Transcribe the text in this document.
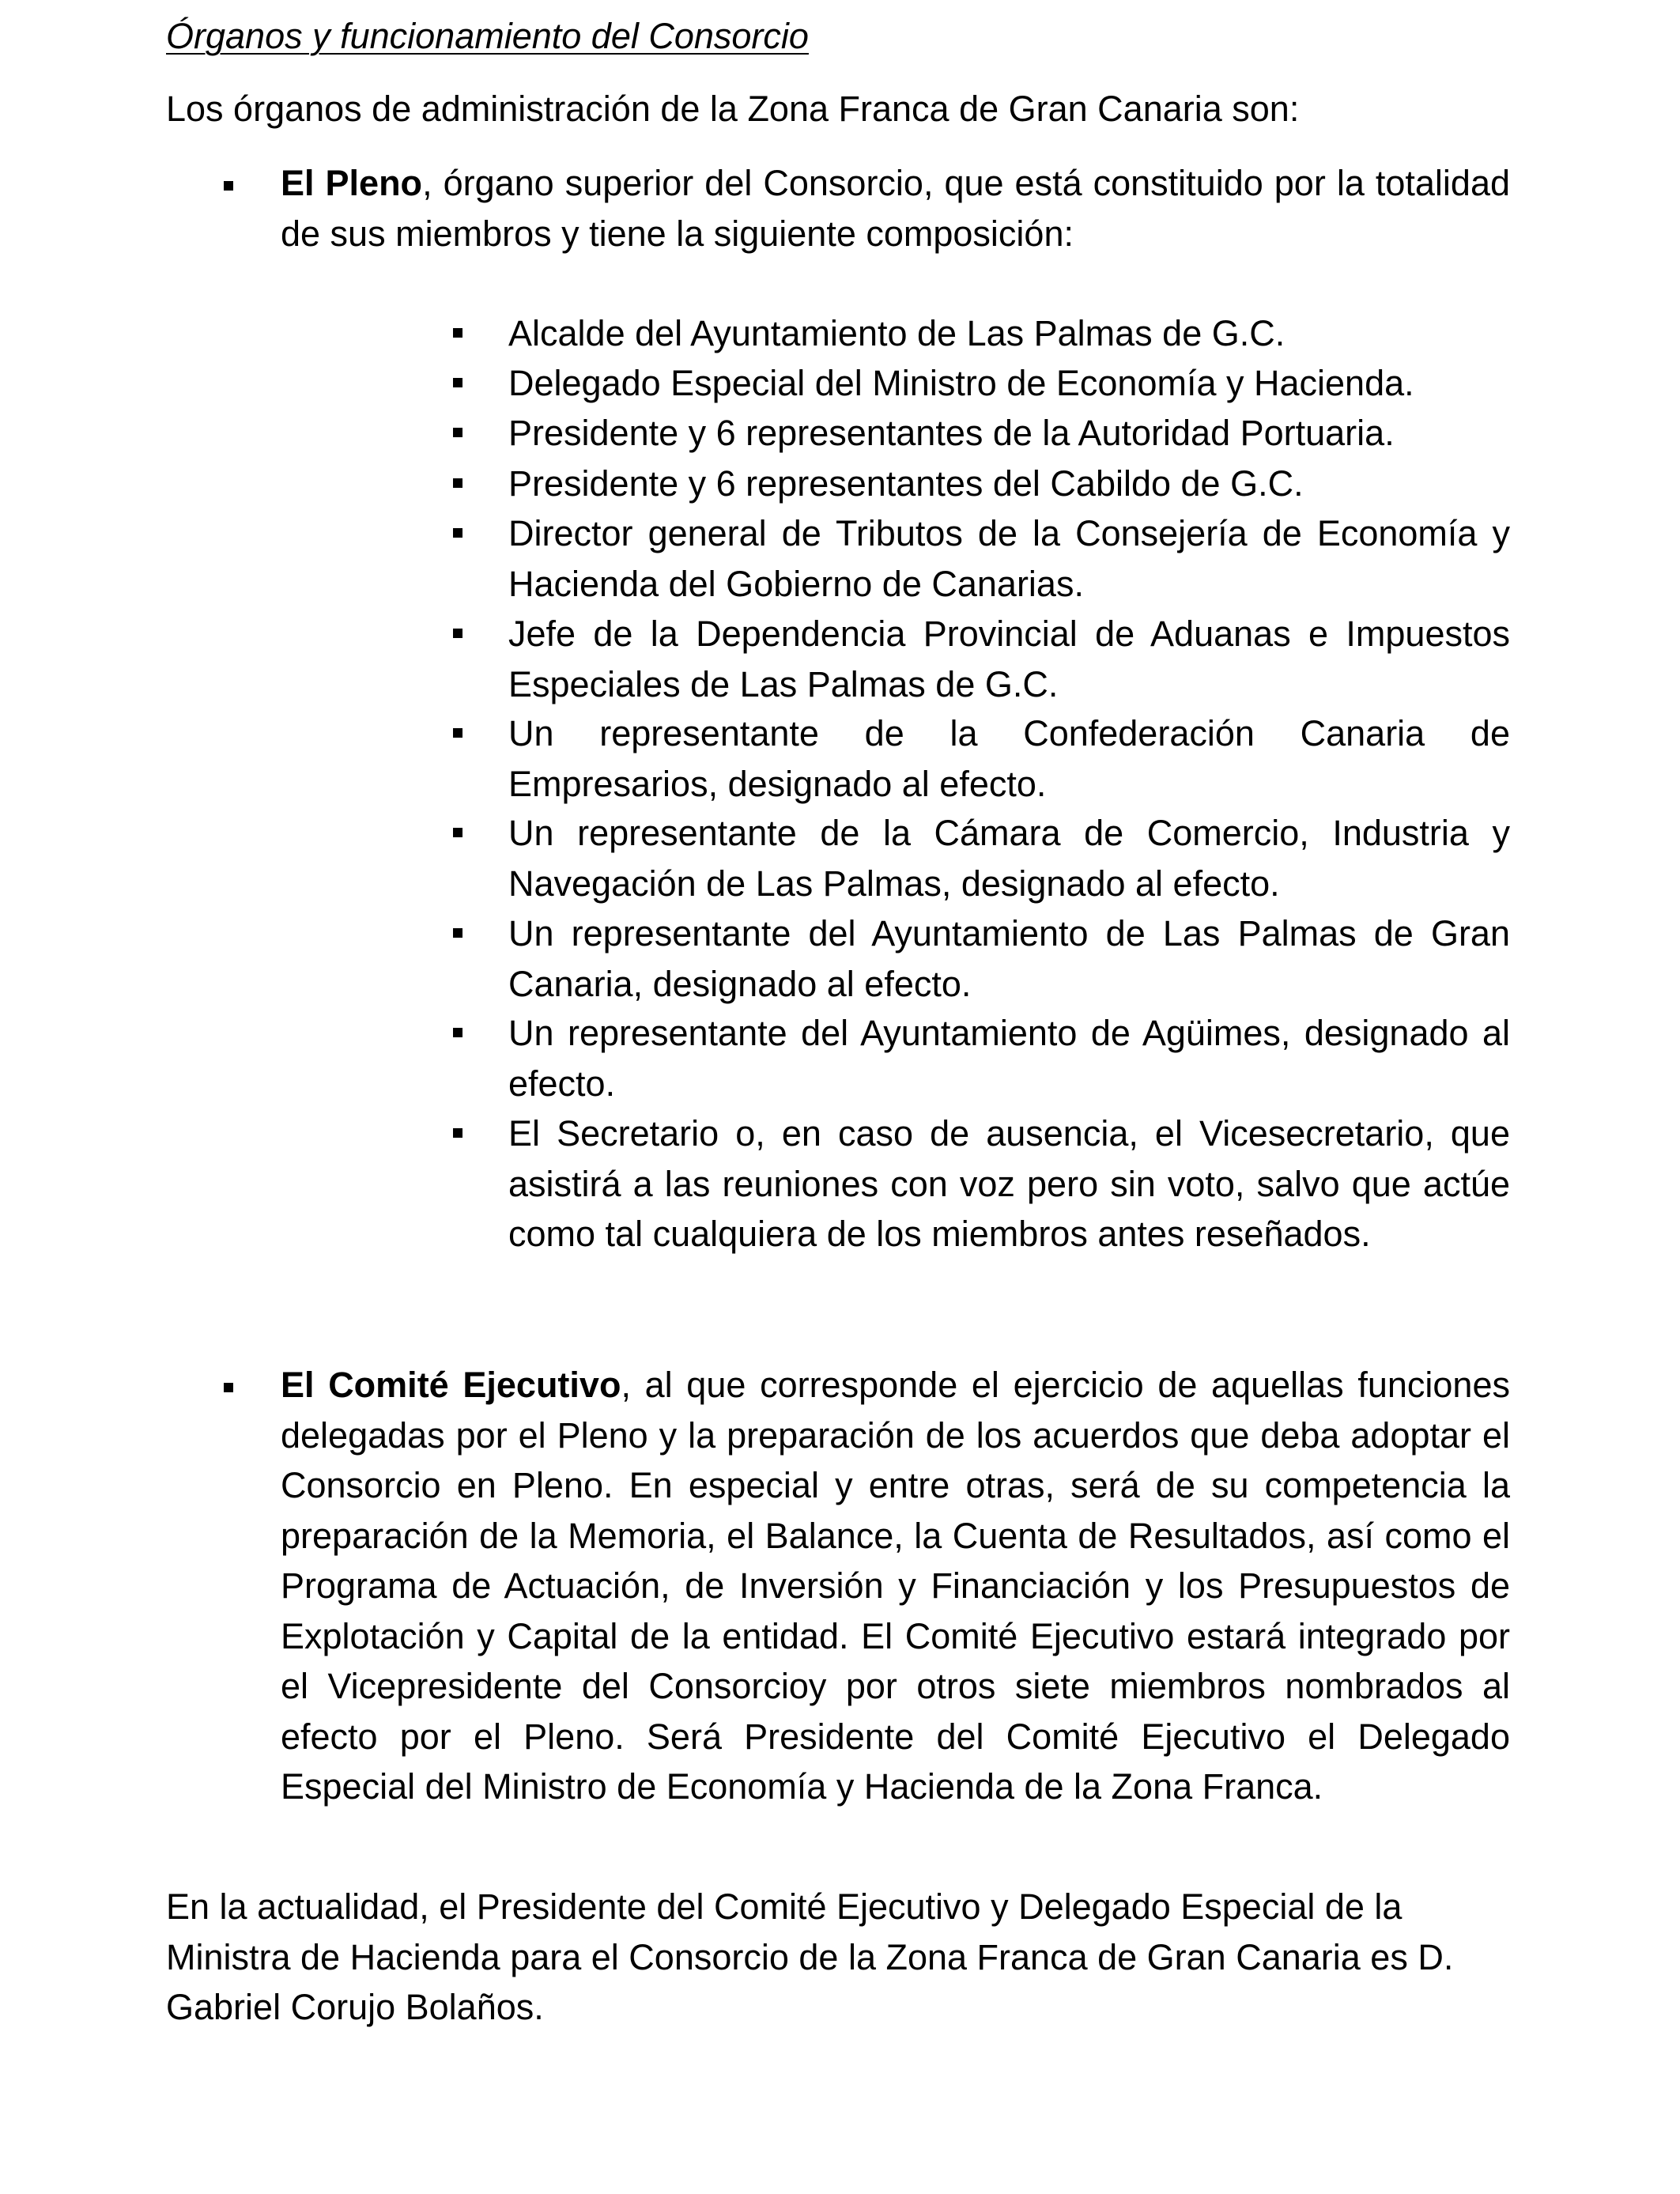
Órganos y funcionamiento del Consorcio

Los órganos de administración de la Zona Franca de Gran Canaria son:

El Pleno, órgano superior del Consorcio, que está constituido por la totalidad de sus miembros y tiene la siguiente composición:

Alcalde del Ayuntamiento de Las Palmas de G.C.

Delegado Especial del Ministro de Economía y Hacienda.

Presidente y 6 representantes de la Autoridad Portuaria.

Presidente y 6 representantes del Cabildo de G.C.

Director general de Tributos de la Consejería de Economía y Hacienda del Gobierno de Canarias.

Jefe de la Dependencia Provincial de Aduanas e Impuestos Especiales de Las Palmas de G.C.

Un representante de la Confederación Canaria de Empresarios, designado al efecto.

Un representante de la Cámara de Comercio, Industria y Navegación de Las Palmas, designado al efecto.

Un representante del Ayuntamiento de Las Palmas de Gran Canaria, designado al efecto.

Un representante del Ayuntamiento de Agüimes, designado al efecto.

El Secretario o, en caso de ausencia, el Vicesecretario, que asistirá a las reuniones con voz pero sin voto, salvo que actúe como tal cualquiera de los miembros antes reseñados.

El Comité Ejecutivo, al que corresponde el ejercicio de aquellas funciones delegadas por el Pleno y la preparación de los acuerdos que deba adoptar el Consorcio en Pleno. En especial y entre otras, será de su competencia la preparación de la Memoria, el Balance, la Cuenta de Resultados, así como el Programa de Actuación, de Inversión y Financiación y los Presupuestos de Explotación y Capital de la entidad. El Comité Ejecutivo estará integrado por el Vicepresidente del Consorcioy por otros siete miembros nombrados al efecto por el Pleno. Será Presidente del Comité Ejecutivo el Delegado Especial del Ministro de Economía y Hacienda de la Zona Franca.

En la actualidad, el Presidente del Comité Ejecutivo y Delegado Especial de la Ministra de Hacienda para el Consorcio de la Zona Franca de Gran Canaria es D. Gabriel Corujo Bolaños.
